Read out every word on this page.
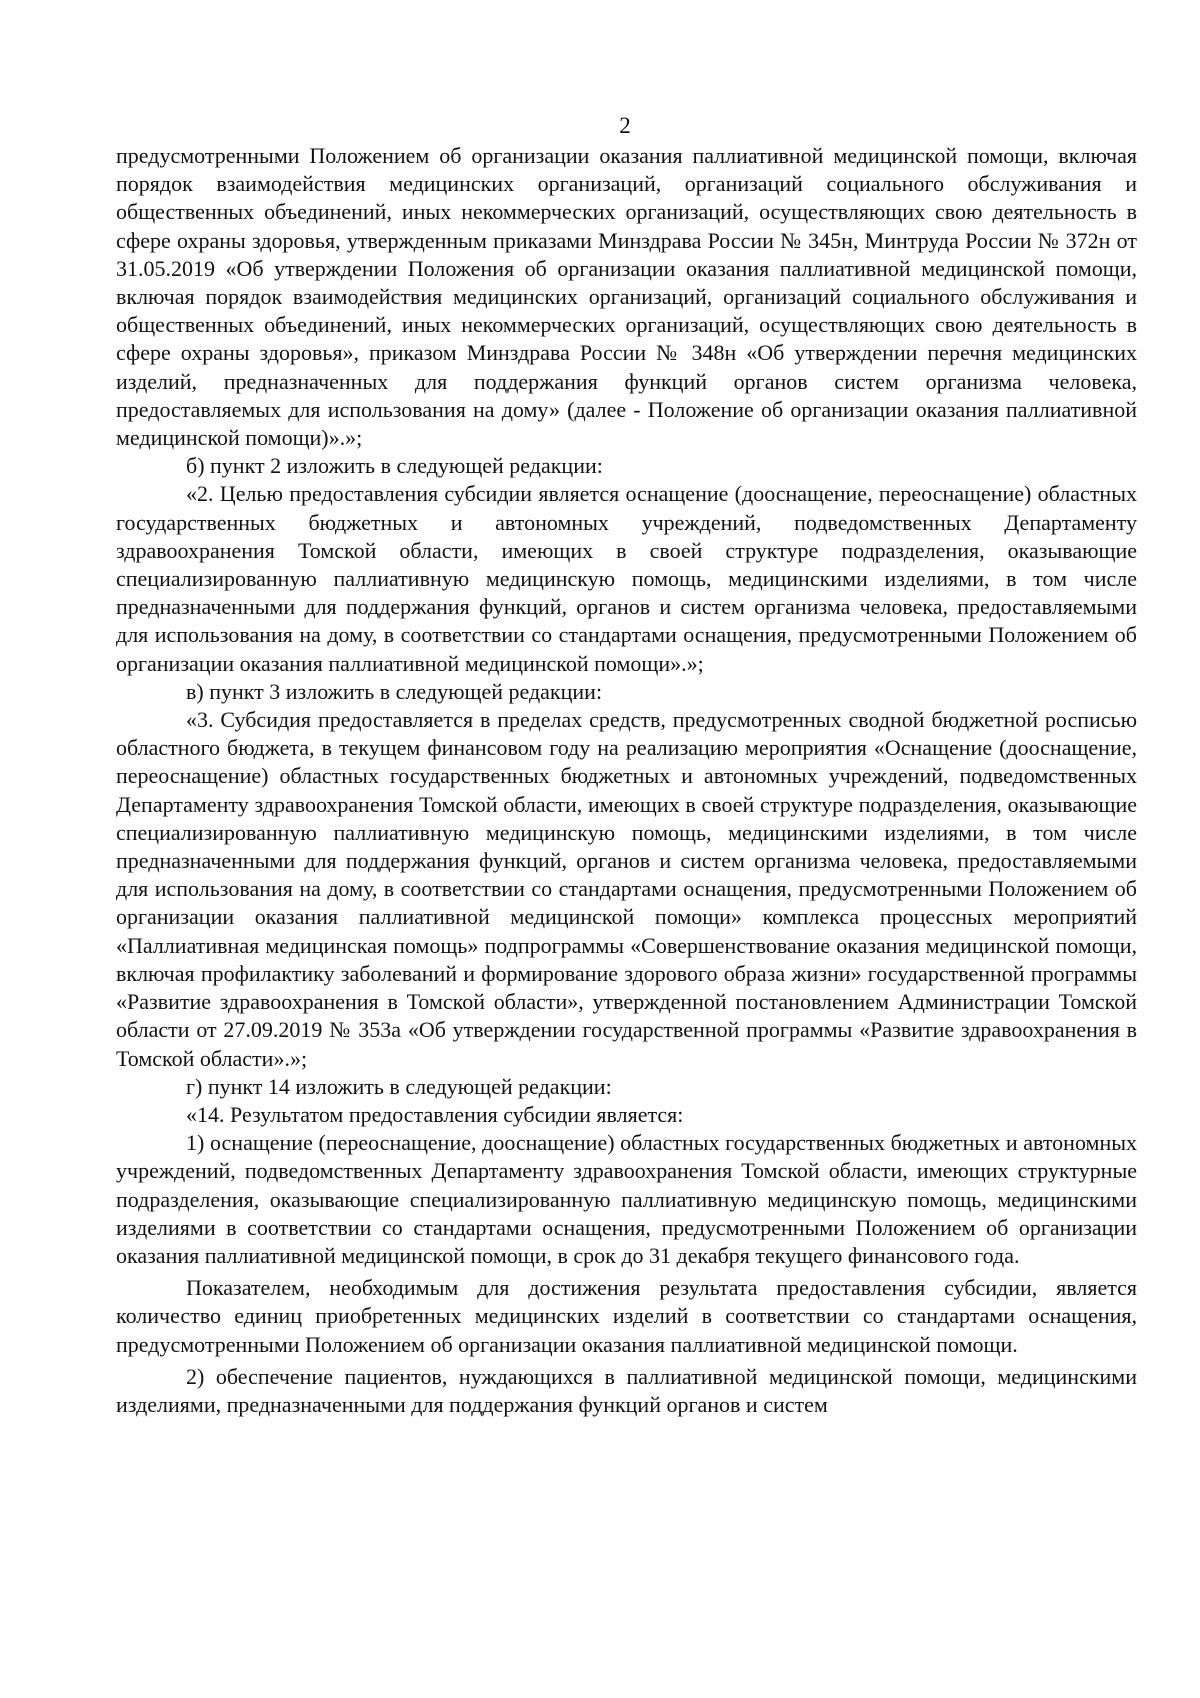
2

предусмотренными Положением об организации оказания паллиативной медицинской помощи, включая порядок взаимодействия медицинских организаций, организаций социального обслуживания и общественных объединений, иных некоммерческих организаций, осуществляющих свою деятельность в сфере охраны здоровья, утвержденным приказами Минздрава России № 345н, Минтруда России № 372н от 31.05.2019 «Об утверждении Положения об организации оказания паллиативной медицинской помощи, включая порядок взаимодействия медицинских организаций, организаций социального обслуживания и общественных объединений, иных некоммерческих организаций, осуществляющих свою деятельность в сфере охраны здоровья», приказом Минздрава России № 348н «Об утверждении перечня медицинских изделий, предназначенных для поддержания функций органов систем организма человека, предоставляемых для использования на дому» (далее - Положение об организации оказания паллиативной медицинской помощи)».»;

б) пункт 2 изложить в следующей редакции:

«2. Целью предоставления субсидии является оснащение (дооснащение, переоснащение) областных государственных бюджетных и автономных учреждений, подведомственных Департаменту здравоохранения Томской области, имеющих в своей структуре подразделения, оказывающие специализированную паллиативную медицинскую помощь, медицинскими изделиями, в том числе предназначенными для поддержания функций, органов и систем организма человека, предоставляемыми для использования на дому, в соответствии со стандартами оснащения, предусмотренными Положением об организации оказания паллиативной медицинской помощи».»;

в) пункт 3 изложить в следующей редакции:

«3. Субсидия предоставляется в пределах средств, предусмотренных сводной бюджетной росписью областного бюджета, в текущем финансовом году на реализацию мероприятия «Оснащение (дооснащение, переоснащение) областных государственных бюджетных и автономных учреждений, подведомственных Департаменту здравоохранения Томской области, имеющих в своей структуре подразделения, оказывающие специализированную паллиативную медицинскую помощь, медицинскими изделиями, в том числе предназначенными для поддержания функций, органов и систем организма человека, предоставляемыми для использования на дому, в соответствии со стандартами оснащения, предусмотренными Положением об организации оказания паллиативной медицинской помощи» комплекса процессных мероприятий «Паллиативная медицинская помощь» подпрограммы «Совершенствование оказания медицинской помощи, включая профилактику заболеваний и формирование здорового образа жизни» государственной программы «Развитие здравоохранения в Томской области», утвержденной постановлением Администрации Томской области от 27.09.2019 № 353а «Об утверждении государственной программы «Развитие здравоохранения в Томской области».»;

г) пункт 14 изложить в следующей редакции:

«14. Результатом предоставления субсидии является:

1) оснащение (переоснащение, дооснащение) областных государственных бюджетных и автономных учреждений, подведомственных Департаменту здравоохранения Томской области, имеющих структурные подразделения, оказывающие специализированную паллиативную медицинскую помощь, медицинскими изделиями в соответствии со стандартами оснащения, предусмотренными Положением об организации оказания паллиативной медицинской помощи, в срок до 31 декабря текущего финансового года.

Показателем, необходимым для достижения результата предоставления субсидии, является количество единиц приобретенных медицинских изделий в соответствии со стандартами оснащения, предусмотренными Положением об организации оказания паллиативной медицинской помощи.

2) обеспечение пациентов, нуждающихся в паллиативной медицинской помощи, медицинскими изделиями, предназначенными для поддержания функций органов и систем
